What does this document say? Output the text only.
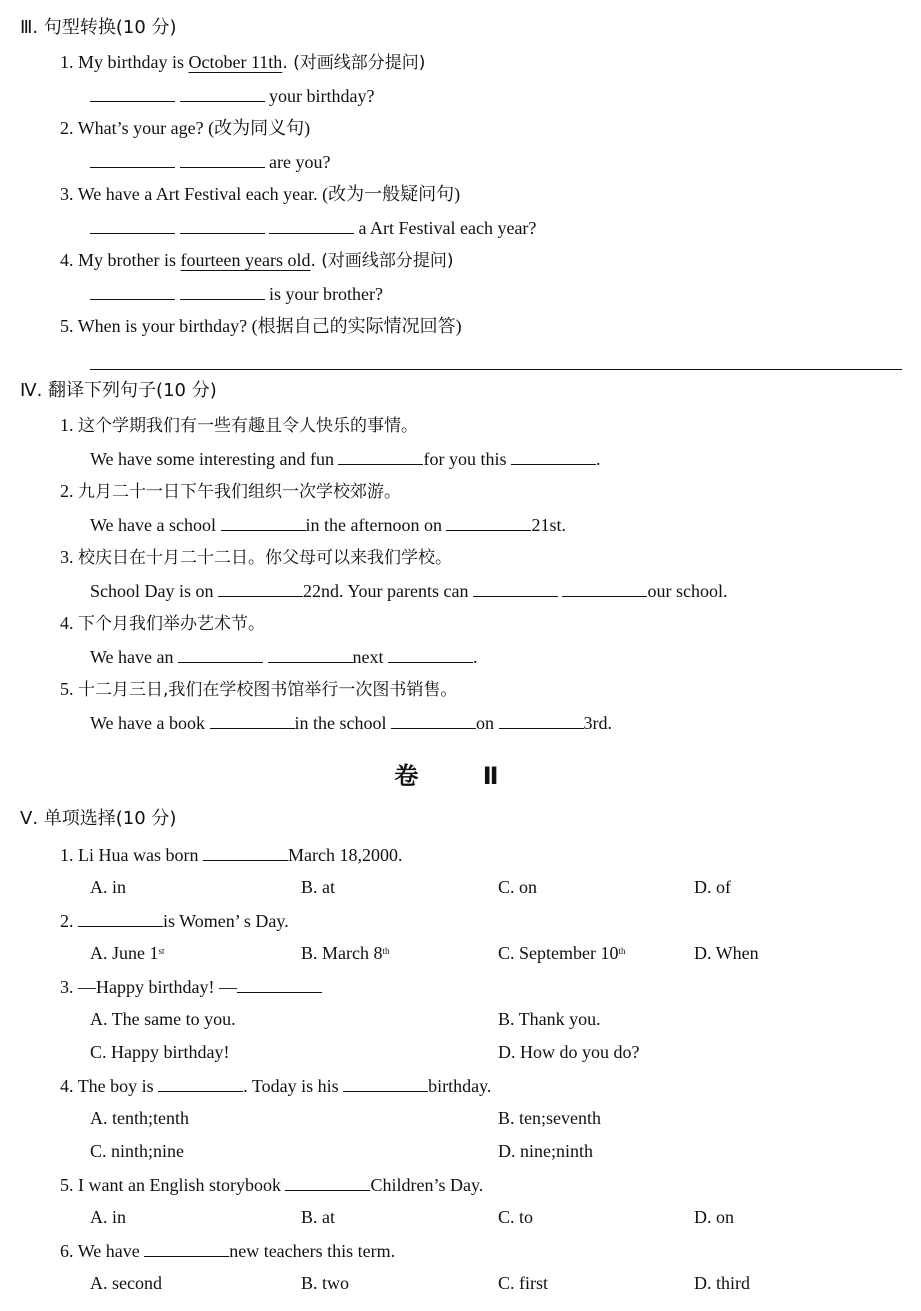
Ⅲ. 句型转换(10 分)
1. My birthday is October 11th. (对画线部分提问)
your birthday?
2. What’s your age? (改为同义句)
are you?
3. We have a Art Festival each year. (改为一般疑问句)
a Art Festival each year?
4. My brother is fourteen years old. (对画线部分提问)
is your brother?
5. When is your birthday? (根据自己的实际情况回答)
Ⅳ. 翻译下列句子(10 分)
1. 这个学期我们有一些有趣且令人快乐的事情。
We have some interesting and fun	for you this	.
2. 九月二十一日下午我们组织一次学校郊游。
We have a school	in the afternoon on	21st.
3. 校庆日在十月二十二日。你父母可以来我们学校。
School Day is on	22nd. Your parents can	our school.
4. 下个月我们举办艺术节。
We have an	next	.
5. 十二月三日,我们在学校图书馆举行一次图书销售。
We have a book	in the school	on	3rd.
卷 Ⅱ
Ⅴ. 单项选择(10 分)
1. Li Hua was born	March 18,2000.
A. in	B. at	C. on	D. of
2.	is Women’ s Day.
A. June 1st	B. March 8th	C. September 10th	D. When
3. —Happy birthday! —
A. The same to you.	B. Thank you.
C. Happy birthday!	D. How do you do?
4. The boy is	. Today is his	birthday.
A. tenth;tenth	B. ten;seventh
C. ninth;nine	D. nine;ninth
5. I want an English storybook	Children’s Day.
A. in	B. at	C. to	D. on
6. We have	new teachers this term.
A. second	B. two	C. first	D. third
